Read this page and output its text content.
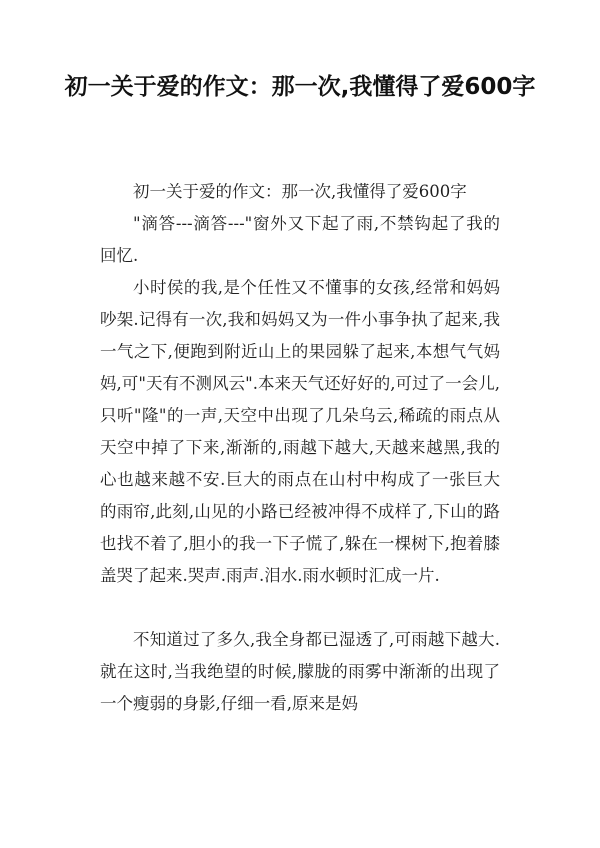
初一关于爱的作文：那一次,我懂得了爱600字

初一关于爱的作文：那一次,我懂得了爱600字

"滴答---滴答---"窗外又下起了雨,不禁钩起了我的回忆.

小时侯的我,是个任性又不懂事的女孩,经常和妈妈吵架.记得有一次,我和妈妈又为一件小事争执了起来,我一气之下,便跑到附近山上的果园躲了起来,本想气气妈妈,可"天有不测风云".本来天气还好好的,可过了一会儿,只听"隆"的一声,天空中出现了几朵乌云,稀疏的雨点从天空中掉了下来,渐渐的,雨越下越大,天越来越黑,我的心也越来越不安.巨大的雨点在山村中构成了一张巨大的雨帘,此刻,山见的小路已经被冲得不成样了,下山的路也找不着了,胆小的我一下子慌了,躲在一棵树下,抱着膝盖哭了起来.哭声.雨声.泪水.雨水顿时汇成一片.

不知道过了多久,我全身都已湿透了,可雨越下越大.就在这时,当我绝望的时候,朦胧的雨雾中渐渐的出现了一个瘦弱的身影,仔细一看,原来是妈
